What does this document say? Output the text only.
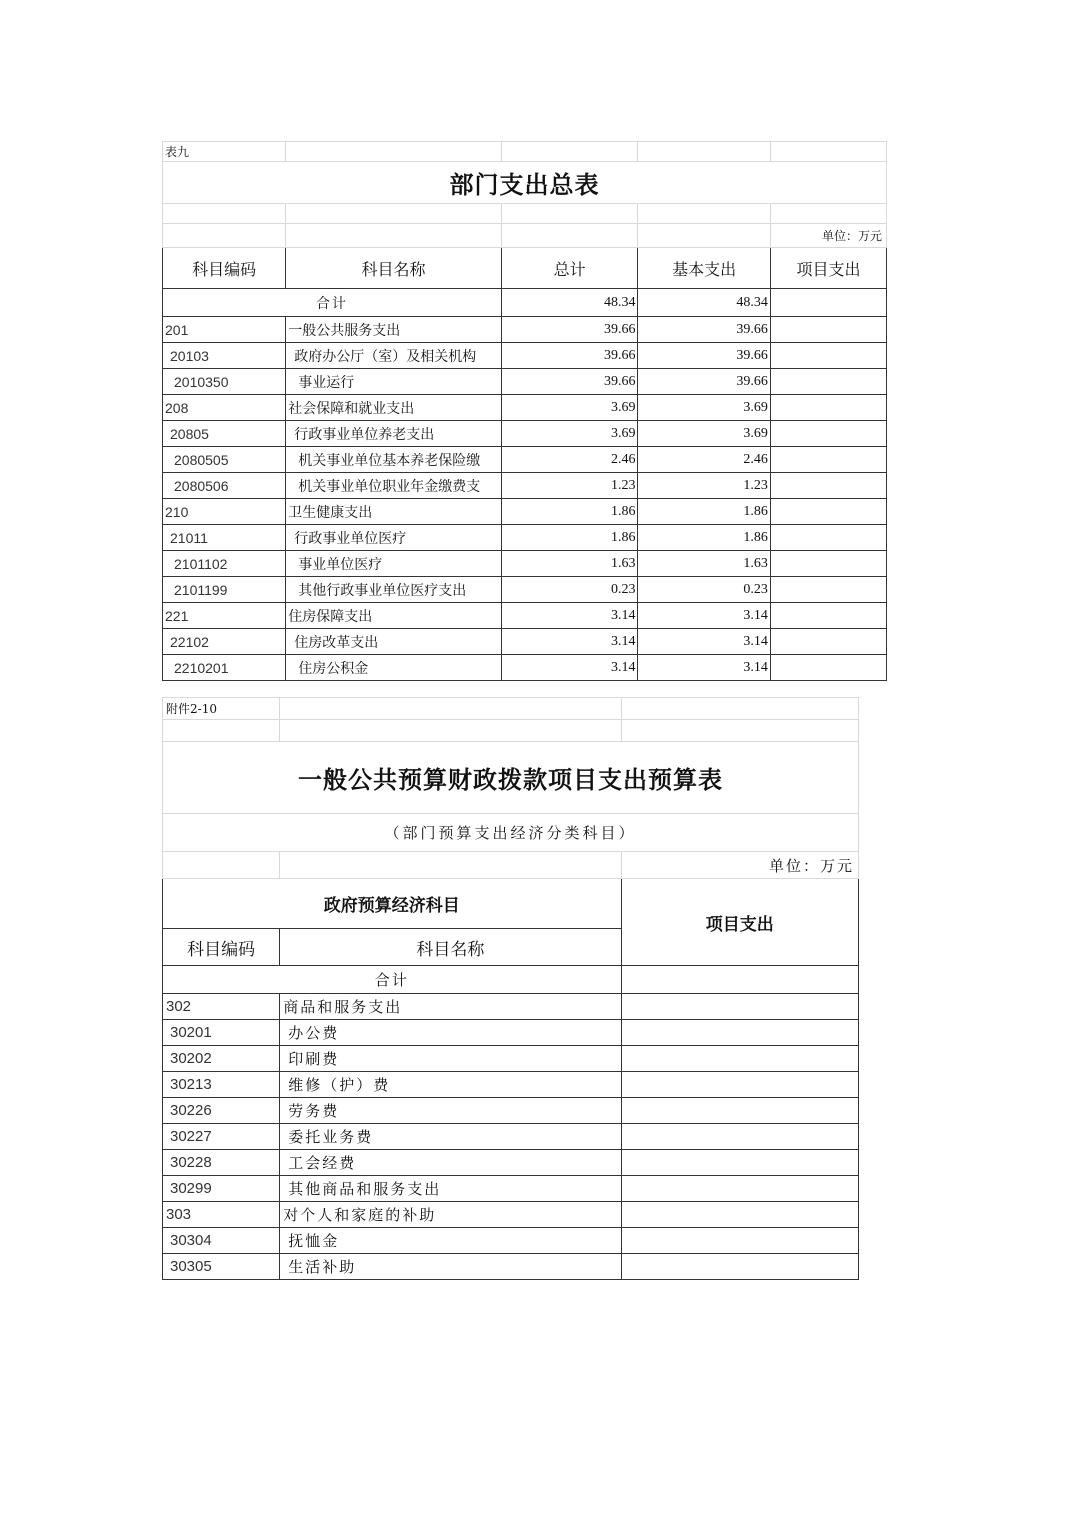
表九				
部门支出总表				

				单位：万元
科目编码	科目名称	总计	基本支出	项目支出
合计		48.34	48.34	
201	一般公共服务支出	39.66	39.66	
20103	政府办公厅（室）及相关机构	39.66	39.66	
2010350	事业运行	39.66	39.66	
208	社会保障和就业支出	3.69	3.69	
20805	行政事业单位养老支出	3.69	3.69	
2080505	机关事业单位基本养老保险缴	2.46	2.46	
2080506	机关事业单位职业年金缴费支	1.23	1.23	
210	卫生健康支出	1.86	1.86	
21011	行政事业单位医疗	1.86	1.86	
2101102	事业单位医疗	1.63	1.63	
2101199	其他行政事业单位医疗支出	0.23	0.23	
221	住房保障支出	3.14	3.14	
22102	住房改革支出	3.14	3.14	
2210201	住房公积金	3.14	3.14	
附件2-10		

一般公共预算财政拨款项目支出预算表		
（部门预算支出经济分类科目）		
		单位：万元
政府预算经济科目		项目支出
科目编码	科目名称	
合计		
302	商品和服务支出	
30201	办公费	
30202	印刷费	
30213	维修（护）费	
30226	劳务费	
30227	委托业务费	
30228	工会经费	
30299	其他商品和服务支出	
303	对个人和家庭的补助	
30304	抚恤金	
30305	生活补助	
